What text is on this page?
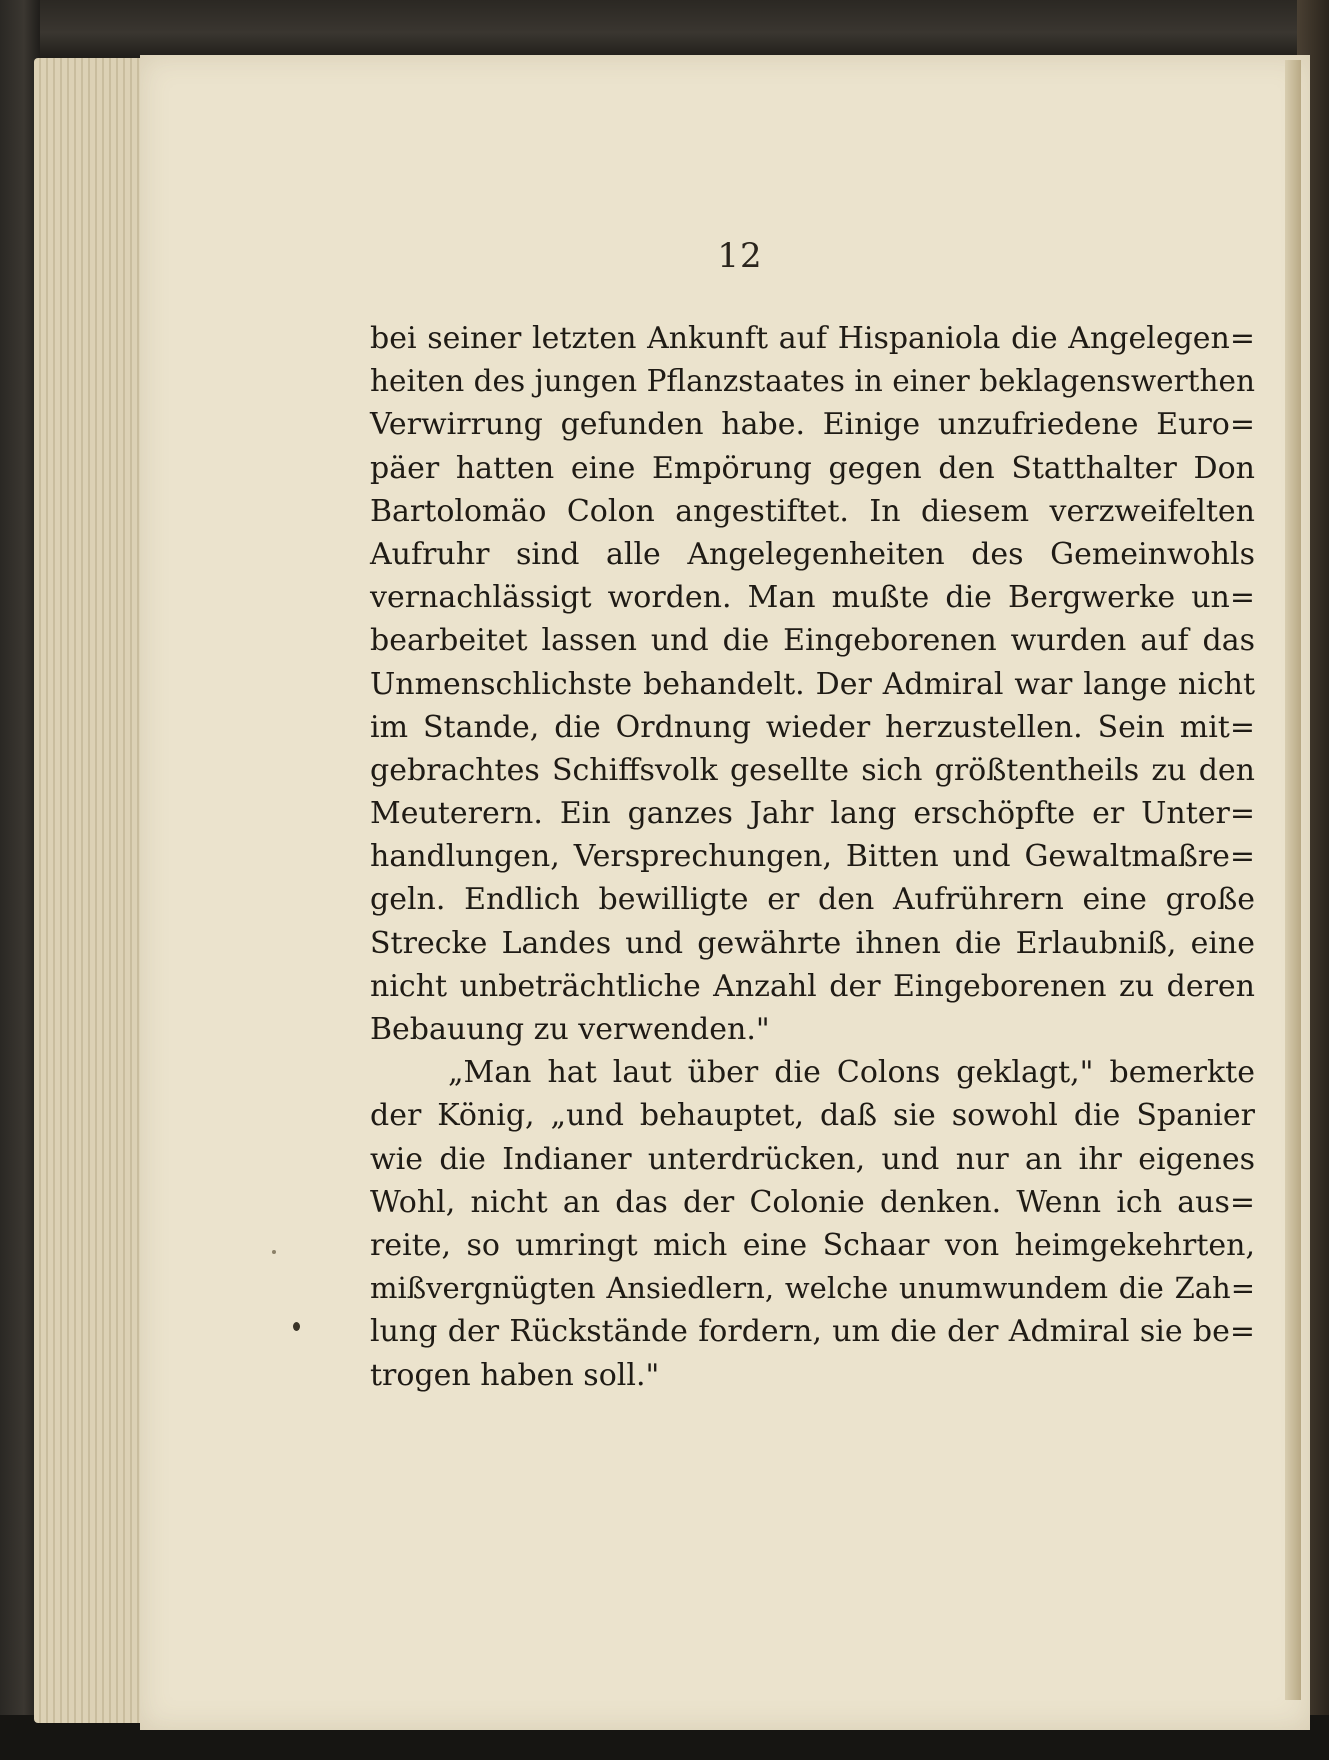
12
bei seiner letzten Ankunft auf Hispaniola die Angelegen=
heiten des jungen Pflanzstaates in einer beklagenswerthen
Verwirrung gefunden habe. Einige unzufriedene Euro=
päer hatten eine Empörung gegen den Statthalter Don
Bartolomäo Colon angestiftet. In diesem verzweifelten
Aufruhr sind alle Angelegenheiten des Gemeinwohls
vernachlässigt worden. Man mußte die Bergwerke un=
bearbeitet lassen und die Eingeborenen wurden auf das
Unmenschlichste behandelt. Der Admiral war lange nicht
im Stande, die Ordnung wieder herzustellen. Sein mit=
gebrachtes Schiffsvolk gesellte sich größtentheils zu den
Meuterern. Ein ganzes Jahr lang erschöpfte er Unter=
handlungen, Versprechungen, Bitten und Gewaltmaßre=
geln. Endlich bewilligte er den Aufrührern eine große
Strecke Landes und gewährte ihnen die Erlaubniß, eine
nicht unbeträchtliche Anzahl der Eingeborenen zu deren
Bebauung zu verwenden."
„Man hat laut über die Colons geklagt," bemerkte
der König, „und behauptet, daß sie sowohl die Spanier
wie die Indianer unterdrücken, und nur an ihr eigenes
Wohl, nicht an das der Colonie denken. Wenn ich aus=
reite, so umringt mich eine Schaar von heimgekehrten,
mißvergnügten Ansiedlern, welche unumwundem die Zah=
lung der Rückstände fordern, um die der Admiral sie be=
trogen haben soll."
